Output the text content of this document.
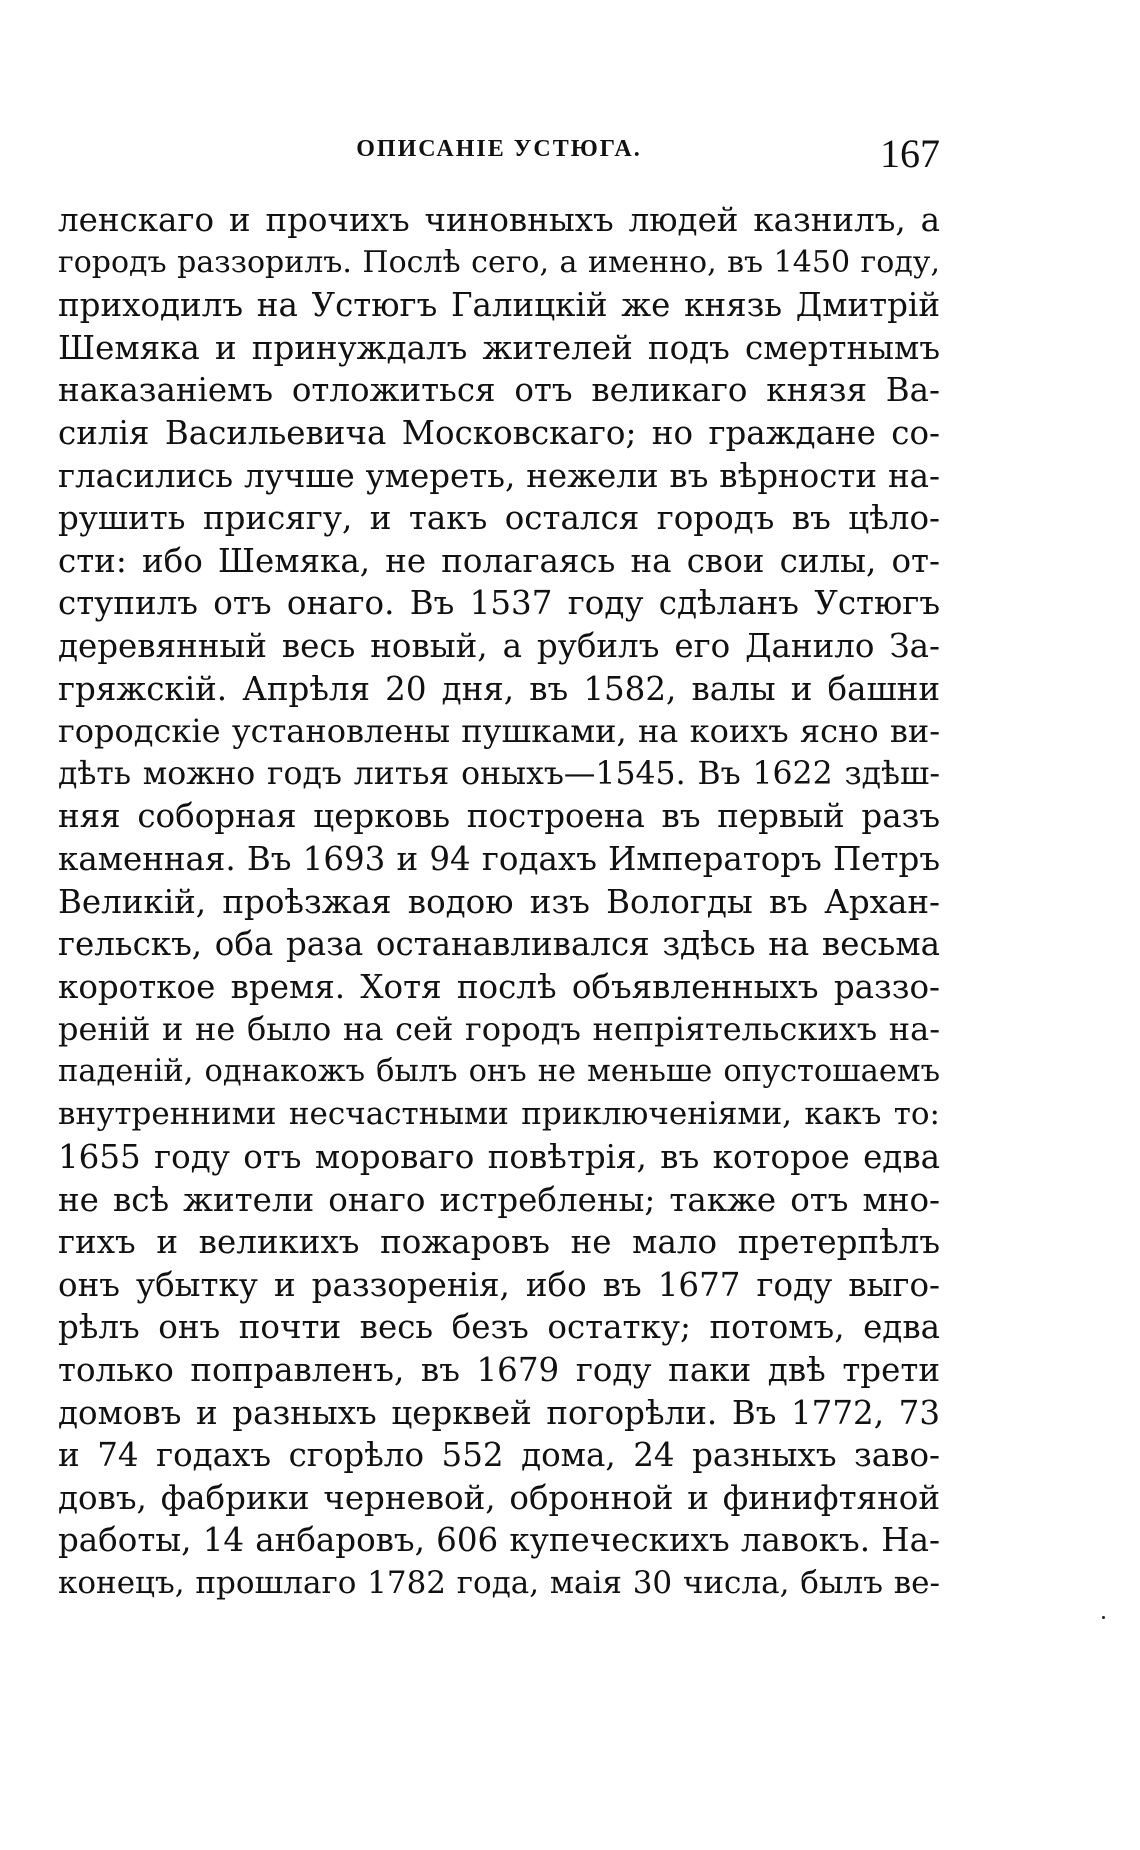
ОПИСАНІЕ УСТЮГА.	167
ленскаго и прочихъ чиновныхъ людей казнилъ, а
городъ раззорилъ. Послѣ сего, а именно, въ 1450 году,
приходилъ на Устюгъ Галицкій же князь Дмитрій
Шемяка и принуждалъ жителей подъ смертнымъ
наказаніемъ отложиться отъ великаго князя Ва-
силія Васильевича Московскаго; но граждане со-
гласились лучше умереть, нежели въ вѣрности на-
рушить присягу, и такъ остался городъ въ цѣло-
сти: ибо Шемяка, не полагаясь на свои силы, от-
ступилъ отъ онаго. Въ 1537 году сдѣланъ Устюгъ
деревянный весь новый, а рубилъ его Данило За-
гряжскій. Апрѣля 20 дня, въ 1582, валы и башни
городскіе установлены пушками, на коихъ ясно ви-
дѣть можно годъ литья оныхъ—1545. Въ 1622 здѣш-
няя соборная церковь построена въ первый разъ
каменная. Въ 1693 и 94 годахъ Императоръ Петръ
Великій, проѣзжая водою изъ Вологды въ Архан-
гельскъ, оба раза останавливался здѣсь на весьма
короткое время. Хотя послѣ объявленныхъ раззо-
реній и не было на сей городъ непріятельскихъ на-
паденій, однакожъ былъ онъ не меньше опустошаемъ
внутренними несчастными приключеніями, какъ то:
1655 году отъ мороваго повѣтрія, въ которое едва
не всѣ жители онаго истреблены; также отъ мно-
гихъ и великихъ пожаровъ не мало претерпѣлъ
онъ убытку и раззоренія, ибо въ 1677 году выго-
рѣлъ онъ почти весь безъ остатку; потомъ, едва
только поправленъ, въ 1679 году паки двѣ трети
домовъ и разныхъ церквей погорѣли. Въ 1772, 73
и 74 годахъ сгорѣло 552 дома, 24 разныхъ заво-
довъ, фабрики черневой, обронной и финифтяной
работы, 14 анбаровъ, 606 купеческихъ лавокъ. На-
конецъ, прошлаго 1782 года, маія 30 числа, былъ ве-
